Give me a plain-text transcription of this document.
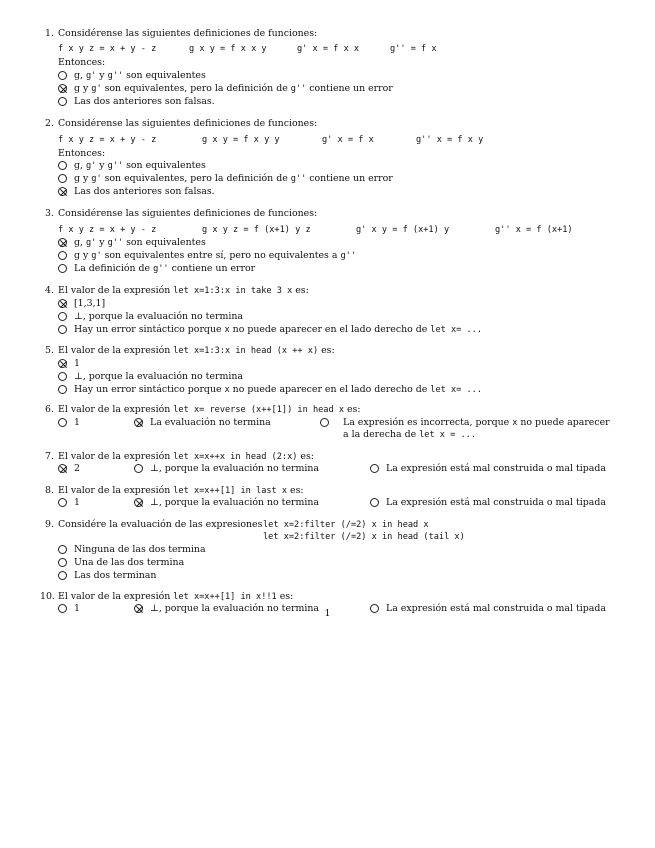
1. Considérense las siguientes definiciones de funciones:
f x y z = x + y - z	g x y = f x x y	g' x = f x x	g'' = f x
Entonces:
g, g' y g'' son equivalentes
g y g' son equivalentes, pero la definición de g'' contiene un error
Las dos anteriores son falsas.
2. Considérense las siguientes definiciones de funciones:
f x y z = x + y - z	g x y = f x y y	g' x = f x	g'' x = f x y
Entonces:
g, g' y g'' son equivalentes
g y g' son equivalentes, pero la definición de g'' contiene un error
Las dos anteriores son falsas.
3. Considérense las siguientes definiciones de funciones:
f x y z = x + y - z	g x y z = f (x+1) y z	g' x y = f (x+1) y	g'' x = f (x+1)
g, g' y g'' son equivalentes
g y g' son equivalentes entre sí, pero no equivalentes a g''
La definición de g'' contiene un error
4. El valor de la expresión let x=1:3:x in take 3 x es:
[1,3,1]
⊥, porque la evaluación no termina
Hay un error sintáctico porque x no puede aparecer en el lado derecho de let x= ...
5. El valor de la expresión let x=1:3:x in head (x ++ x) es:
1
⊥, porque la evaluación no termina
Hay un error sintáctico porque x no puede aparecer en el lado derecho de let x= ...
6. El valor de la expresión let x= reverse (x++[1]) in head x es:
1	La evaluación no termina	La expresión es incorrecta, porque x no puede aparecer
a la derecha de let x = ...
7. El valor de la expresión let x=x++x in head (2:x) es:
2	⊥, porque la evaluación no termina	La expresión está mal construida o mal tipada
8. El valor de la expresión let x=x++[1] in last x es:
1	⊥, porque la evaluación no termina	La expresión está mal construida o mal tipada
9. Considére la evaluación de las expresiones let x=2:filter (/=2) x in head x
let x=2:filter (/=2) x in head (tail x)
Ninguna de las dos termina
Una de las dos termina
Las dos terminan
10. El valor de la expresión let x=x++[1] in x!!1 es:
1	⊥, porque la evaluación no termina	La expresión está mal construida o mal tipada
1
